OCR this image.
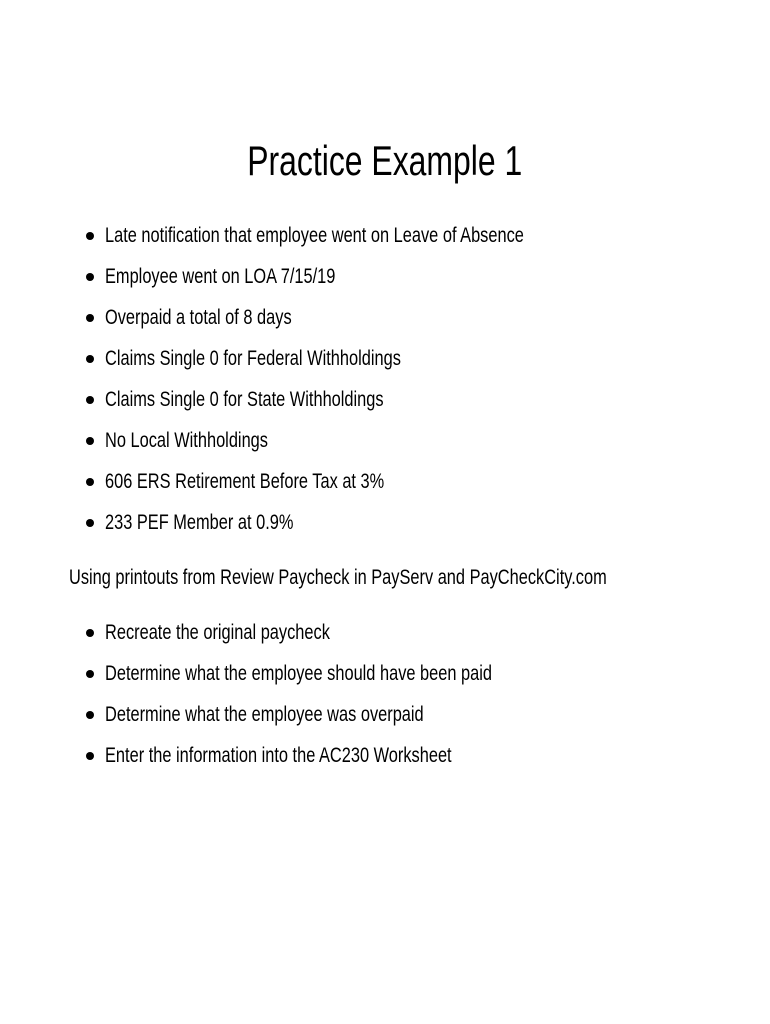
Practice Example 1
Late notification that employee went on Leave of Absence
Employee went on LOA 7/15/19
Overpaid a total of 8 days
Claims Single 0 for Federal Withholdings
Claims Single 0 for State Withholdings
No Local Withholdings
606 ERS Retirement Before Tax at 3%
233 PEF Member at 0.9%

Using printouts from Review Paycheck in PayServ and PayCheckCity.com

Recreate the original paycheck
Determine what the employee should have been paid
Determine what the employee was overpaid
Enter the information into the AC230 Worksheet
